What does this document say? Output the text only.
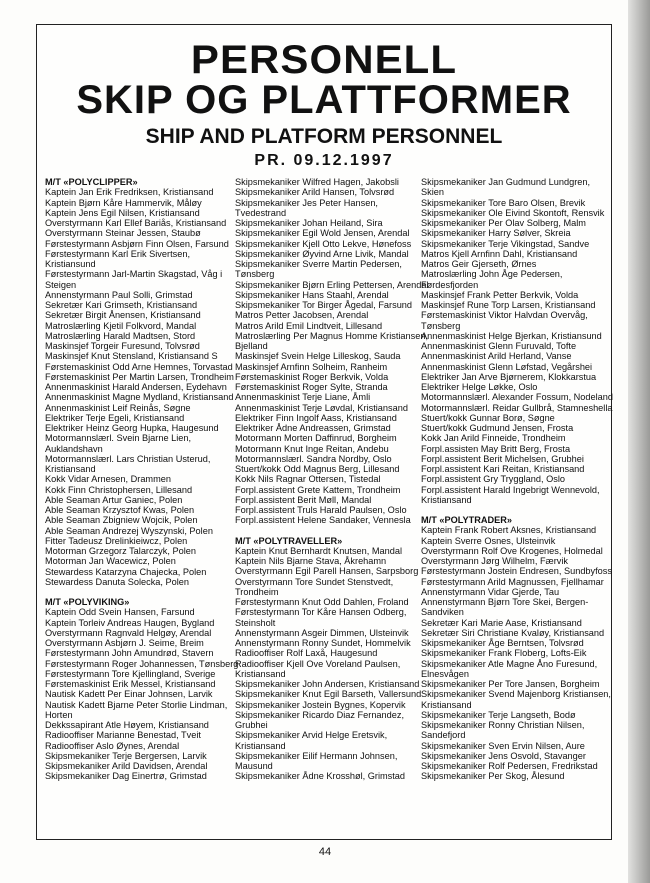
PERSONELL
SKIP OG PLATTFORMER
SHIP AND PLATFORM PERSONNEL
PR. 09.12.1997
M/T «POLYCLIPPER»
Kaptein Jan Erik Fredriksen, Kristiansand
Kaptein Bjørn Kåre Hammervik, Måløy
Kaptein Jens Egil Nilsen, Kristiansand
Overstyrmann Karl Ellef Bariås, Kristiansand
Overstyrmann Steinar Jessen, Staubø
Førstestyrmann Asbjørn Finn Olsen, Farsund
Førstestyrmann Karl Erik Sivertsen,
Kristiansund
Førstestyrmann Jarl-Martin Skagstad, Våg i
Steigen
Annenstyrmann Paul Solli, Grimstad
Sekretær Kari Grimseth, Kristiansand
Sekretær Birgit Ånensen, Kristiansand
Matroslærling Kjetil Folkvord, Mandal
Matroslærling Harald Madtsen, Stord
Maskinsjef Torgeir Furesund, Tolvsrød
Maskinsjef Knut Stensland, Kristiansand S
Førstemaskinist Odd Arne Hemnes, Torvastad
Førstemaskinist Per Martin Larsen, Trondheim
Annenmaskinist Harald Andersen, Eydehavn
Annenmaskinist Magne Mydland, Kristiansand
Annenmaskinist Leif Reinås, Søgne
Elektriker Terje Egeli, Kristiansand
Elektriker Heinz Georg Hupka, Haugesund
Motormannslærl. Svein Bjarne Lien,
Auklandshavn
Motormannslærl. Lars Christian Usterud,
Kristiansand
Kokk Vidar Arnesen, Drammen
Kokk Finn Christophersen, Lillesand
Able Seaman Artur Ganiec, Polen
Able Seaman Krzysztof Kwas, Polen
Able Seaman Zbigniew Wojcik, Polen
Able Seaman Andrezej Wyszynski, Polen
Fitter Tadeusz Drelinkieiwcz, Polen
Motorman Grzegorz Talarczyk, Polen
Motorman Jan Wacewicz, Polen
Stewardess Katarzyna Chajecka, Polen
Stewardess Danuta Solecka, Polen
M/T «POLYVIKING»
Kaptein Odd Svein Hansen, Farsund
Kaptein Torleiv Andreas Haugen, Bygland
Overstyrmann Ragnvald Helgøy, Arendal
Overstyrmann Asbjørn J. Seime, Breim
Førstestyrmann John Amundrød, Stavern
Førstestyrmann Roger Johannessen, Tønsberg
Førstestyrmann Tore Kjellingland, Sverige
Førstemaskinist Erik Messel, Kristiansand
Nautisk Kadett Per Einar Johnsen, Larvik
Nautisk Kadett Bjarne Peter Storlie Lindman,
Horten
Dekkssapirant Atle Høyem, Kristiansand
Radiooffiser Marianne Benestad, Tveit
Radiooffiser Aslo Øynes, Arendal
Skipsmekaniker Terje Bergersen, Larvik
Skipsmekaniker Arild Davidsen, Arendal
Skipsmekaniker Dag Einertrø, Grimstad
Skipsmekaniker Wilfred Hagen, Jakobsli
Skipsmekaniker Arild Hansen, Tolvsrød
Skipsmekaniker Jes Peter Hansen,
Tvedestrand
Skipsmekaniker Johan Heiland, Sira
Skipsmekaniker Egil Wold Jensen, Arendal
Skipsmekaniker Kjell Otto Lekve, Hønefoss
Skipsmekaniker Øyvind Arne Livik, Mandal
Skipsmekaniker Sverre Martin Pedersen,
Tønsberg
Skipsmekaniker Bjørn Erling Pettersen, Arendal
Skipsmekaniker Hans Staahl, Arendal
Skipsmekaniker Tor Birger Ågedal, Farsund
Matros Petter Jacobsen, Arendal
Matros Arild Emil Lindtveit, Lillesand
Matroslærling Per Magnus Homme Kristiansen,
Bjelland
Maskinsjef Svein Helge Lilleskog, Sauda
Maskinsjef Arnfinn Solheim, Ranheim
Førstemaskinist Roger Berkvik, Volda
Førstemaskinist Roger Sylte, Stranda
Annenmaskinist Terje Liane, Åmli
Annenmaskinist Terje Løvdal, Kristiansand
Elektriker Finn Ingolf Aass, Kristiansand
Elektriker Ådne Andreassen, Grimstad
Motormann Morten Daffinrud, Borgheim
Motormann Knut Inge Reitan, Andebu
Motormannslærl. Sandra Nordby, Oslo
Stuert/kokk Odd Magnus Berg, Lillesand
Kokk Nils Ragnar Ottersen, Tistedal
Forpl.assistent Grete Kattem, Trondheim
Forpl.assistent Berit Møll, Mandal
Forpl.assistent Truls Harald Paulsen, Oslo
Forpl.assistent Helene Sandaker, Vennesla
M/T «POLYTRAVELLER»
Kaptein Knut Bernhardt Knutsen, Mandal
Kaptein Nils Bjarne Stava, Åkrehamn
Overstyrmann Egil Parell Hansen, Sarpsborg
Overstyrmann Tore Sundet Stenstvedt,
Trondheim
Førstestyrmann Knut Odd Dahlen, Froland
Førstestyrmann Tor Kåre Hansen Odberg,
Steinsholt
Annenstyrmann Asgeir Dimmen, Ulsteinvik
Annenstyrmann Ronny Sundet, Hommelvik
Radiooffiser Rolf Laxå, Haugesund
Radiooffiser Kjell Ove Voreland Paulsen,
Kristiansand
Skipsmekaniker John Andersen, Kristiansand
Skipsmekaniker Knut Egil Barseth, Vallersund
Skipsmekaniker Jostein Bygnes, Kopervik
Skipsmekaniker Ricardo Diaz Fernandez,
Grubhei
Skipsmekaniker Arvid Helge Eretsvik,
Kristiansand
Skipsmekaniker Eilif Hermann Johnsen,
Mausund
Skipsmekaniker Ådne Krosshøl, Grimstad
Skipsmekaniker Jan Gudmund Lundgren,
Skien
Skipsmekaniker Tore Baro Olsen, Brevik
Skipsmekaniker Ole Eivind Skontoft, Rensvik
Skipsmekaniker Per Olav Solberg, Malm
Skipsmekaniker Harry Sølver, Skreia
Skipsmekaniker Terje Vikingstad, Sandve
Matros Kjell Arnfinn Dahl, Kristiansand
Matros Geir Gjerseth, Ørnes
Matroslærling John Åge Pedersen,
Førdesfjorden
Maskinsjef Frank Petter Berkvik, Volda
Maskinsjef Rune Torp Larsen, Kristiansand
Førstemaskinist Viktor Halvdan Overvåg,
Tønsberg
Annenmaskinist Helge Bjerkan, Kristiansund
Annenmaskinist Glenn Furuvald, Tofte
Annenmaskinist Arild Herland, Vanse
Annenmaskinist Glenn Løfstad, Vegårshei
Elektriker Jan Arve Bjørnerem, Klokkarstua
Elektriker Helge Løkke, Oslo
Motormannslærl. Alexander Fossum, Nodeland
Motormannslærl. Reidar Gullbrå, Stamneshella
Stuert/kokk Gunnar Borø, Søgne
Stuert/kokk Gudmund Jensen, Frosta
Kokk Jan Arild Finneide, Trondheim
Forpl.assisten May Britt Berg, Frosta
Forpl.assistent Berit Michelsen, Grubhei
Forpl.assistent Kari Reitan, Kristiansand
Forpl.assistent Gry Tryggland, Oslo
Forpl.assistent Harald Ingebrigt Wennevold,
Kristiansand
M/T «POLYTRADER»
Kaptein Frank Robert Aksnes, Kristiansand
Kaptein Sverre Osnes, Ulsteinvik
Overstyrmann Rolf Ove Krogenes, Holmedal
Overstyrmann Jørg Wilhelm, Færvik
Førstestyrmann Jostein Endresen, Sundbyfoss
Førstestyrmann Arild Magnussen, Fjellhamar
Annenstyrmann Vidar Gjerde, Tau
Annenstyrmann Bjørn Tore Skei, Bergen-
Sandviken
Sekretær Kari Marie Aase, Kristiansand
Sekretær Siri Christiane Kvaløy, Kristiansand
Skipsmekaniker Åge Berntsen, Tolvsrød
Skipsmekaniker Frank Floberg, Lofts-Eik
Skipsmekaniker Atle Magne Åno Furesund,
Elnesvågen
Skipsmekaniker Per Tore Jansen, Borgheim
Skipsmekaniker Svend Majenborg Kristiansen,
Kristiansand
Skipsmekaniker Terje Langseth, Bodø
Skipsmekaniker Ronny Christian Nilsen,
Sandefjord
Skipsmekaniker Sven Ervin Nilsen, Aure
Skipsmekaniker Jens Osvold, Stavanger
Skipsmekaniker Rolf Pedersen, Fredrikstad
Skipsmekaniker Per Skog, Ålesund
44
